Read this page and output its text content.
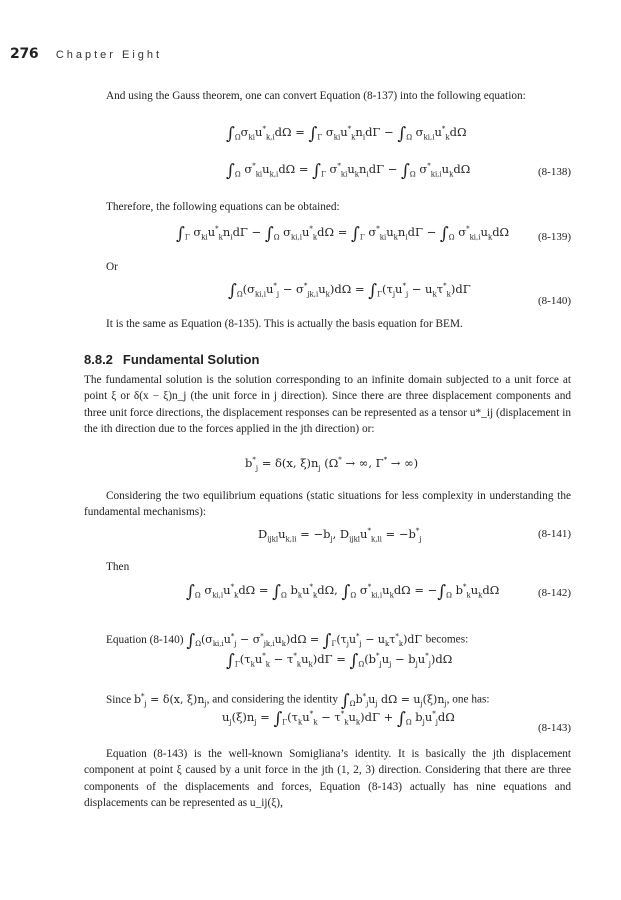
276 Chapter Eight

And using the Gauss theorem, one can convert Equation (8-137) into the following equation:

$\int_\Omega\sigma_{ki}u^*_{k,i}d\Omega = \int_\Gamma$ $\sigma_{ki}u^*_kn_id\Gamma - \int_\Omega$ $\sigma_{ki,i}u^*_kd\Omega$
$\int_\Omega$ $\sigma^*_{ki}u_{k,i}d\Omega = \int_\Gamma$ $\sigma^*_{ki}u_kn_id\Gamma - \int_\Omega$ $\sigma^*_{ki,i}u_kd\Omega$	(8-138)

Therefore, the following equations can be obtained:

$\int_\Gamma$ $\sigma_{ki}u^*_kn_id\Gamma - \int_\Omega$ $\sigma_{ki,i}u^*_kd\Omega = \int_\Gamma$ $\sigma^*_{ki}u_kn_id\Gamma - \int_\Omega$ $\sigma^*_{ki,i}u_kd\Omega$	(8-139)

Or

$\int_\Omega(\sigma_{ki,i}u^*_j - \sigma^*_{jk,i}u_k)d\Omega = \int_\Gamma(\tau_ju^*_j - u_k\tau^*_k)d\Gamma$
(8-140)

It is the same as Equation (8-135). This is actually the basis equation for BEM.

8.8.2 Fundamental Solution

The fundamental solution is the solution corresponding to an infinite domain subjected to a unit force at point ξ or δ(x − ξ)n_j (the unit force in j direction). Since there are three displacement components and three unit force directions, the displacement responses can be represented as a tensor u*_ij (displacement in the ith direction due to the forces applied in the jth direction) or:

$b^*_j = \delta(x$, $\xi)n_j$ (Ω* → ∞, Γ* → ∞)

Considering the two equilibrium equations (static situations for less complexity in understanding the fundamental mechanisms):

$D_{ijkl}u_{k,li} = -b_j$, $D_{ijkl}u^*_{k,li} = -b^*_j$	(8-141)

Then

$\int_\Omega$ $\sigma_{ki,i}u^*_kd\Omega = \int_\Omega$ $b_ku^*_kd\Omega$, $\int_\Omega$ $\sigma^*_{ki,i}u_kd\Omega = -\int_\Omega$ $b^*_ku_kd\Omega$	(8-142)
Equation (8-140) $\int_\Omega(\sigma_{ki,i}u^*_j - \sigma^*_{jk,i}u_k)d\Omega = \int_\Gamma(\tau_ju^*_j - u_k\tau^*_k)d\Gamma$ becomes:
$\int_\Gamma(\tau_ku^*_k - \tau^*_ku_k)d\Gamma = \int_\Omega(b^*_ju_j - b_ju^*_j)d\Omega$
Since $b^*_j = \delta(x$, $\xi)n_j$, and considering the identity $\int_\Omega b^*_ju_j$ $d\Omega = u_j(\xi)n_j$, one has:
$u_j(\xi)n_j = \int_\Gamma(\tau_ku^*_k - \tau^*_ku_k)d\Gamma + \int_\Omega$ $b_ju^*_jd\Omega$
(8-143)

Equation (8-143) is the well-known Somigliana’s identity. It is basically the jth displacement component at point ξ caused by a unit force in the jth (1, 2, 3) direction. Considering that there are three components of the displacements and forces, Equation (8-143) actually has nine equations and displacements can be represented as u_ij(ξ),
